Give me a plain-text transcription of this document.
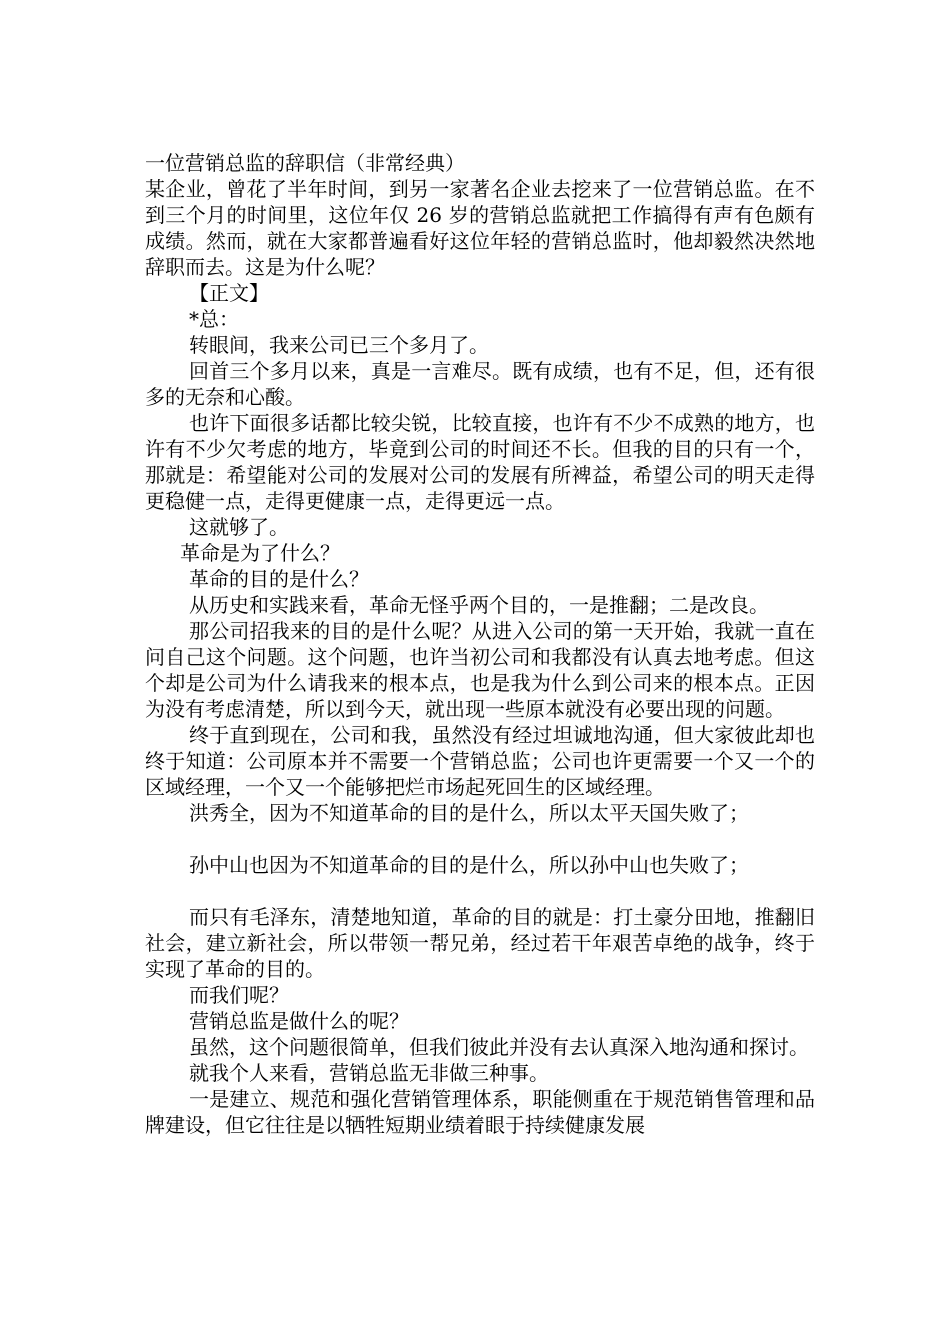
一位营销总监的辞职信（非常经典）

某企业，曾花了半年时间，到另一家著名企业去挖来了一位营销总监。在不到三个月的时间里，这位年仅 26 岁的营销总监就把工作搞得有声有色颇有成绩。然而，就在大家都普遍看好这位年轻的营销总监时，他却毅然决然地辞职而去。这是为什么呢？

【正文】

*总：

转眼间，我来公司已三个多月了。

回首三个多月以来，真是一言难尽。既有成绩，也有不足，但，还有很多的无奈和心酸。

也许下面很多话都比较尖锐，比较直接，也许有不少不成熟的地方，也许有不少欠考虑的地方，毕竟到公司的时间还不长。但我的目的只有一个，那就是：希望能对公司的发展对公司的发展有所裨益，希望公司的明天走得更稳健一点，走得更健康一点，走得更远一点。

这就够了。

革命是为了什么？

革命的目的是什么？

从历史和实践来看，革命无怪乎两个目的，一是推翻；二是改良。

那公司招我来的目的是什么呢？从进入公司的第一天开始，我就一直在问自己这个问题。这个问题，也许当初公司和我都没有认真去地考虑。但这个却是公司为什么请我来的根本点，也是我为什么到公司来的根本点。正因为没有考虑清楚，所以到今天，就出现一些原本就没有必要出现的问题。

终于直到现在，公司和我，虽然没有经过坦诚地沟通，但大家彼此却也终于知道：公司原本并不需要一个营销总监；公司也许更需要一个又一个的区域经理，一个又一个能够把烂市场起死回生的区域经理。

洪秀全，因为不知道革命的目的是什么，所以太平天国失败了；

孙中山也因为不知道革命的目的是什么，所以孙中山也失败了；

而只有毛泽东，清楚地知道，革命的目的就是：打土豪分田地，推翻旧社会，建立新社会，所以带领一帮兄弟，经过若干年艰苦卓绝的战争，终于实现了革命的目的。

而我们呢？

营销总监是做什么的呢？

虽然，这个问题很简单，但我们彼此并没有去认真深入地沟通和探讨。

就我个人来看，营销总监无非做三种事。

一是建立、规范和强化营销管理体系，职能侧重在于规范销售管理和品牌建设，但它往往是以牺牲短期业绩着眼于持续健康发展
